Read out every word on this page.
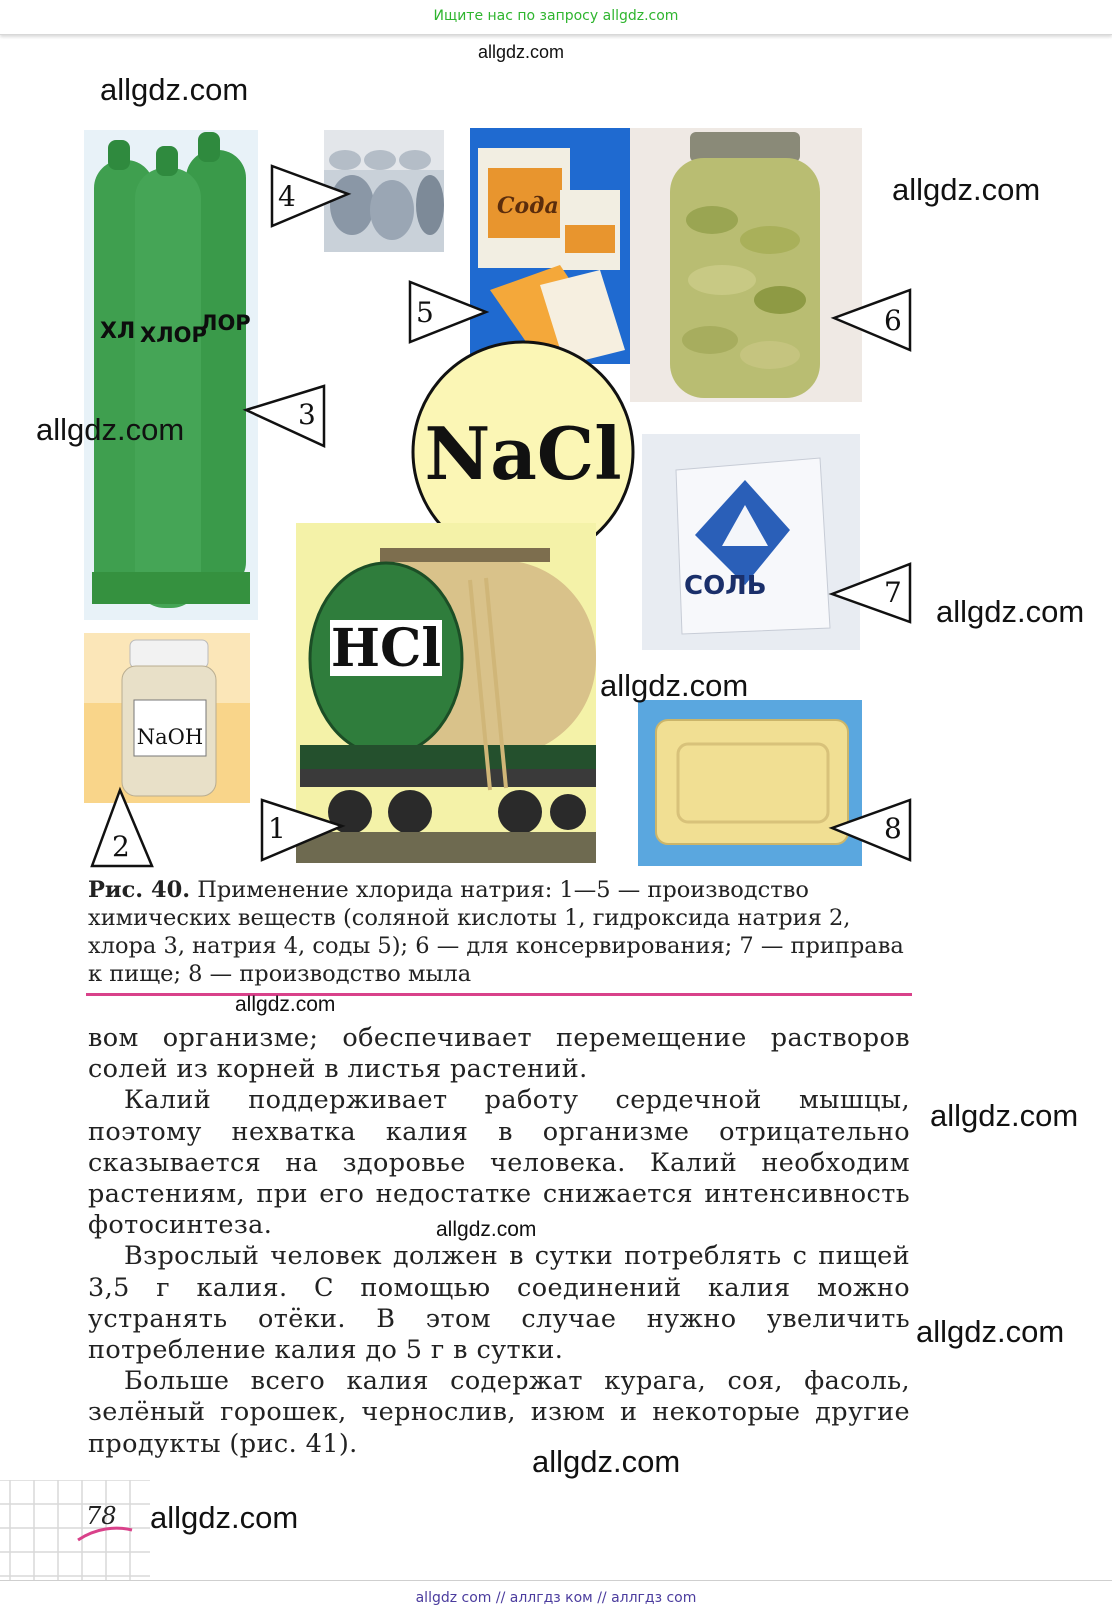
Ищите нас по запросу allgdz.com
allgdz.com
ХЛ ХЛОР
ЛОР
Сода
NaCl
СОЛЬ
HCl
NaOH
1
2
3
4
5	6
7
8
allgdz.com
allgdz.com
allgdz.com
allgdz.com
allgdz.com
Рис. 40. Применение хлорида натрия: 1—5 — производство химических веществ (соляной кислоты 1, гидроксида натрия 2, хлора 3, натрия 4, соды 5); 6 — для консервирования; 7 — приправа к пище; 8 — производство мыла
allgdz.com

вом организме; обеспечивает перемещение растворов солей из корней в листья растений.

Калий поддерживает работу сердечной мышцы, поэтому нехватка калия в организме отрицательно сказывается на здоровье человека. Калий необходим растениям, при его недостатке снижается интенсивность фотосинтеза.

Взрослый человек должен в сутки потреблять с пищей 3,5 г калия. С помощью соединений калия можно устранять отёки. В этом случае нужно увеличить потребление калия до 5 г в сутки.

Больше всего калия содержат курага, соя, фасоль, зелёный горошек, чернослив, изюм и некоторые другие продукты (рис. 41).

allgdz.com
allgdz.com
allgdz.com
allgdz.com
78 allgdz.com
allgdz com // аллгдз ком // аллгдз com
